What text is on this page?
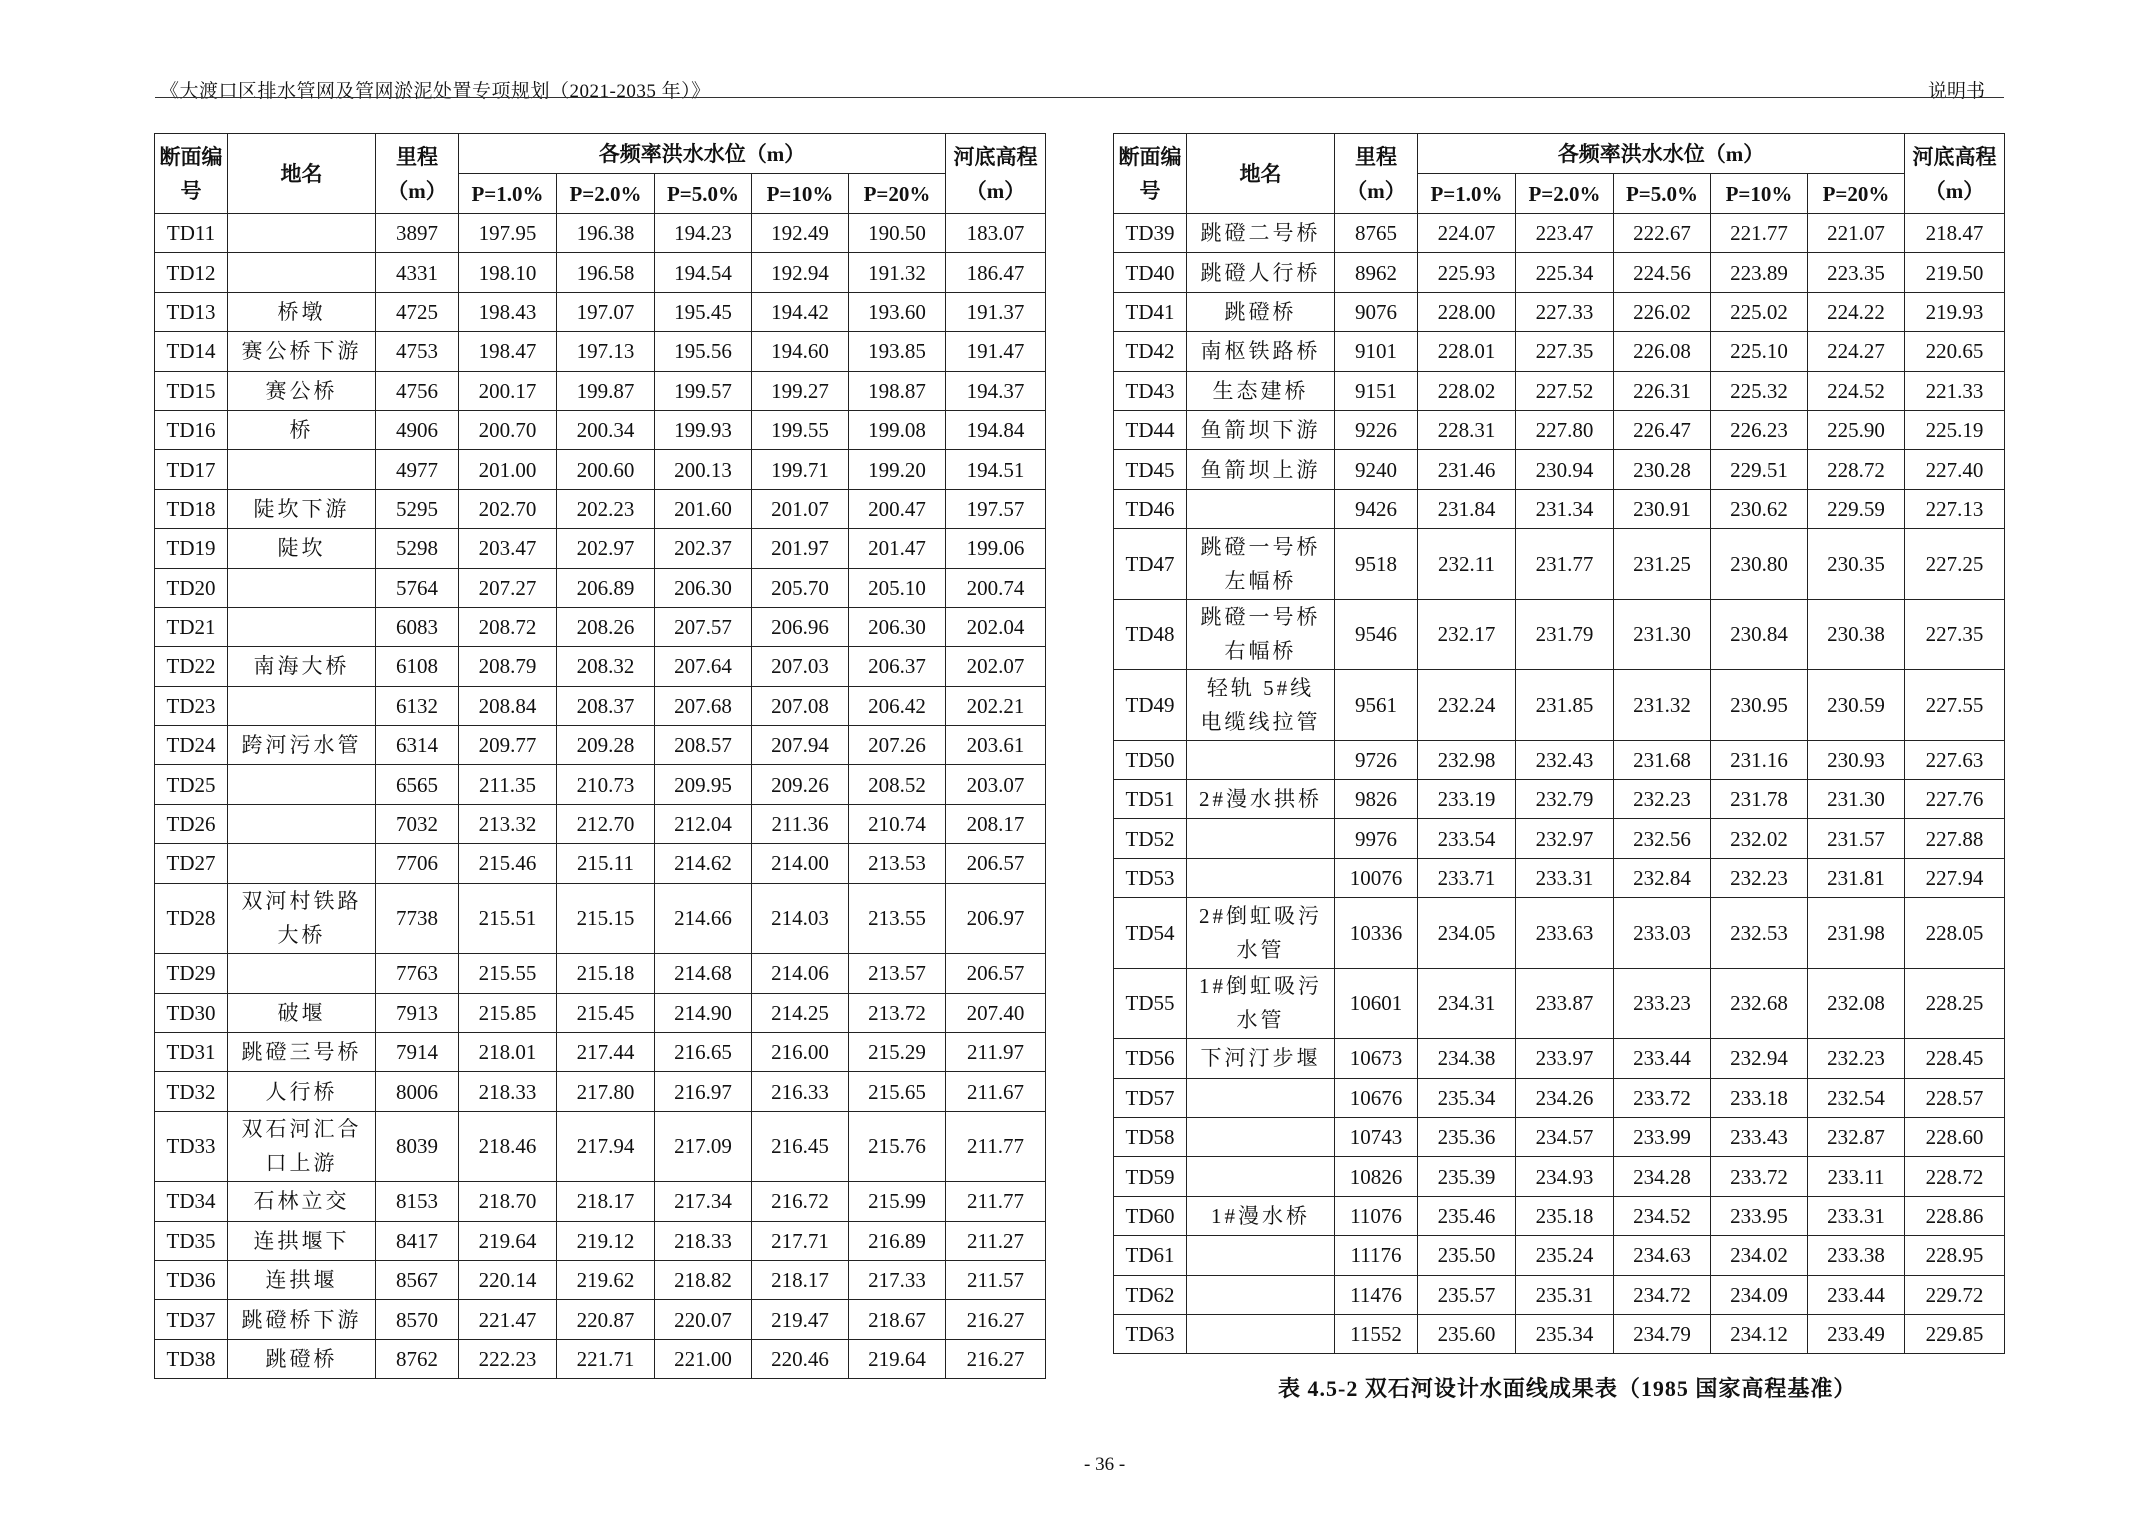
《大渡口区排水管网及管网淤泥处置专项规划（2021-2035 年）》	说明书
断面编号	地名	里程（m）	各频率洪水水位（m）					河底高程（m）
			P=1.0%	P=2.0%	P=5.0%	P=10%	P=20%	
TD11		3897	197.95	196.38	194.23	192.49	190.50	183.07
TD12		4331	198.10	196.58	194.54	192.94	191.32	186.47
TD13	桥墩	4725	198.43	197.07	195.45	194.42	193.60	191.37
TD14	赛公桥下游	4753	198.47	197.13	195.56	194.60	193.85	191.47
TD15	赛公桥	4756	200.17	199.87	199.57	199.27	198.87	194.37
TD16	桥	4906	200.70	200.34	199.93	199.55	199.08	194.84
TD17		4977	201.00	200.60	200.13	199.71	199.20	194.51
TD18	陡坎下游	5295	202.70	202.23	201.60	201.07	200.47	197.57
TD19	陡坎	5298	203.47	202.97	202.37	201.97	201.47	199.06
TD20		5764	207.27	206.89	206.30	205.70	205.10	200.74
TD21		6083	208.72	208.26	207.57	206.96	206.30	202.04
TD22	南海大桥	6108	208.79	208.32	207.64	207.03	206.37	202.07
TD23		6132	208.84	208.37	207.68	207.08	206.42	202.21
TD24	跨河污水管	6314	209.77	209.28	208.57	207.94	207.26	203.61
TD25		6565	211.35	210.73	209.95	209.26	208.52	203.07
TD26		7032	213.32	212.70	212.04	211.36	210.74	208.17
TD27		7706	215.46	215.11	214.62	214.00	213.53	206.57
TD28	双河村铁路大桥	7738	215.51	215.15	214.66	214.03	213.55	206.97
TD29		7763	215.55	215.18	214.68	214.06	213.57	206.57
TD30	破堰	7913	215.85	215.45	214.90	214.25	213.72	207.40
TD31	跳磴三号桥	7914	218.01	217.44	216.65	216.00	215.29	211.97
TD32	人行桥	8006	218.33	217.80	216.97	216.33	215.65	211.67
TD33	双石河汇合口上游	8039	218.46	217.94	217.09	216.45	215.76	211.77
TD34	石林立交	8153	218.70	218.17	217.34	216.72	215.99	211.77
TD35	连拱堰下	8417	219.64	219.12	218.33	217.71	216.89	211.27
TD36	连拱堰	8567	220.14	219.62	218.82	218.17	217.33	211.57
TD37	跳磴桥下游	8570	221.47	220.87	220.07	219.47	218.67	216.27
TD38	跳磴桥	8762	222.23	221.71	221.00	220.46	219.64	216.27
断面编号	地名	里程（m）	各频率洪水水位（m）					河底高程（m）
			P=1.0%	P=2.0%	P=5.0%	P=10%	P=20%	
TD39	跳磴二号桥	8765	224.07	223.47	222.67	221.77	221.07	218.47
TD40	跳磴人行桥	8962	225.93	225.34	224.56	223.89	223.35	219.50
TD41	跳磴桥	9076	228.00	227.33	226.02	225.02	224.22	219.93
TD42	南枢铁路桥	9101	228.01	227.35	226.08	225.10	224.27	220.65
TD43	生态建桥	9151	228.02	227.52	226.31	225.32	224.52	221.33
TD44	鱼箭坝下游	9226	228.31	227.80	226.47	226.23	225.90	225.19
TD45	鱼箭坝上游	9240	231.46	230.94	230.28	229.51	228.72	227.40
TD46		9426	231.84	231.34	230.91	230.62	229.59	227.13
TD47	跳磴一号桥左幅桥	9518	232.11	231.77	231.25	230.80	230.35	227.25
TD48	跳磴一号桥右幅桥	9546	232.17	231.79	231.30	230.84	230.38	227.35
TD49	轻轨 5#线电缆线拉管	9561	232.24	231.85	231.32	230.95	230.59	227.55
TD50		9726	232.98	232.43	231.68	231.16	230.93	227.63
TD51	2#漫水拱桥	9826	233.19	232.79	232.23	231.78	231.30	227.76
TD52		9976	233.54	232.97	232.56	232.02	231.57	227.88
TD53		10076	233.71	233.31	232.84	232.23	231.81	227.94
TD54	2#倒虹吸污水管	10336	234.05	233.63	233.03	232.53	231.98	228.05
TD55	1#倒虹吸污水管	10601	234.31	233.87	233.23	232.68	232.08	228.25
TD56	下河汀步堰	10673	234.38	233.97	233.44	232.94	232.23	228.45
TD57		10676	235.34	234.26	233.72	233.18	232.54	228.57
TD58		10743	235.36	234.57	233.99	233.43	232.87	228.60
TD59		10826	235.39	234.93	234.28	233.72	233.11	228.72
TD60	1#漫水桥	11076	235.46	235.18	234.52	233.95	233.31	228.86
TD61		11176	235.50	235.24	234.63	234.02	233.38	228.95
TD62		11476	235.57	235.31	234.72	234.09	233.44	229.72
TD63		11552	235.60	235.34	234.79	234.12	233.49	229.85
表 4.5-2 双石河设计水面线成果表（1985 国家高程基准）
- 36 -
